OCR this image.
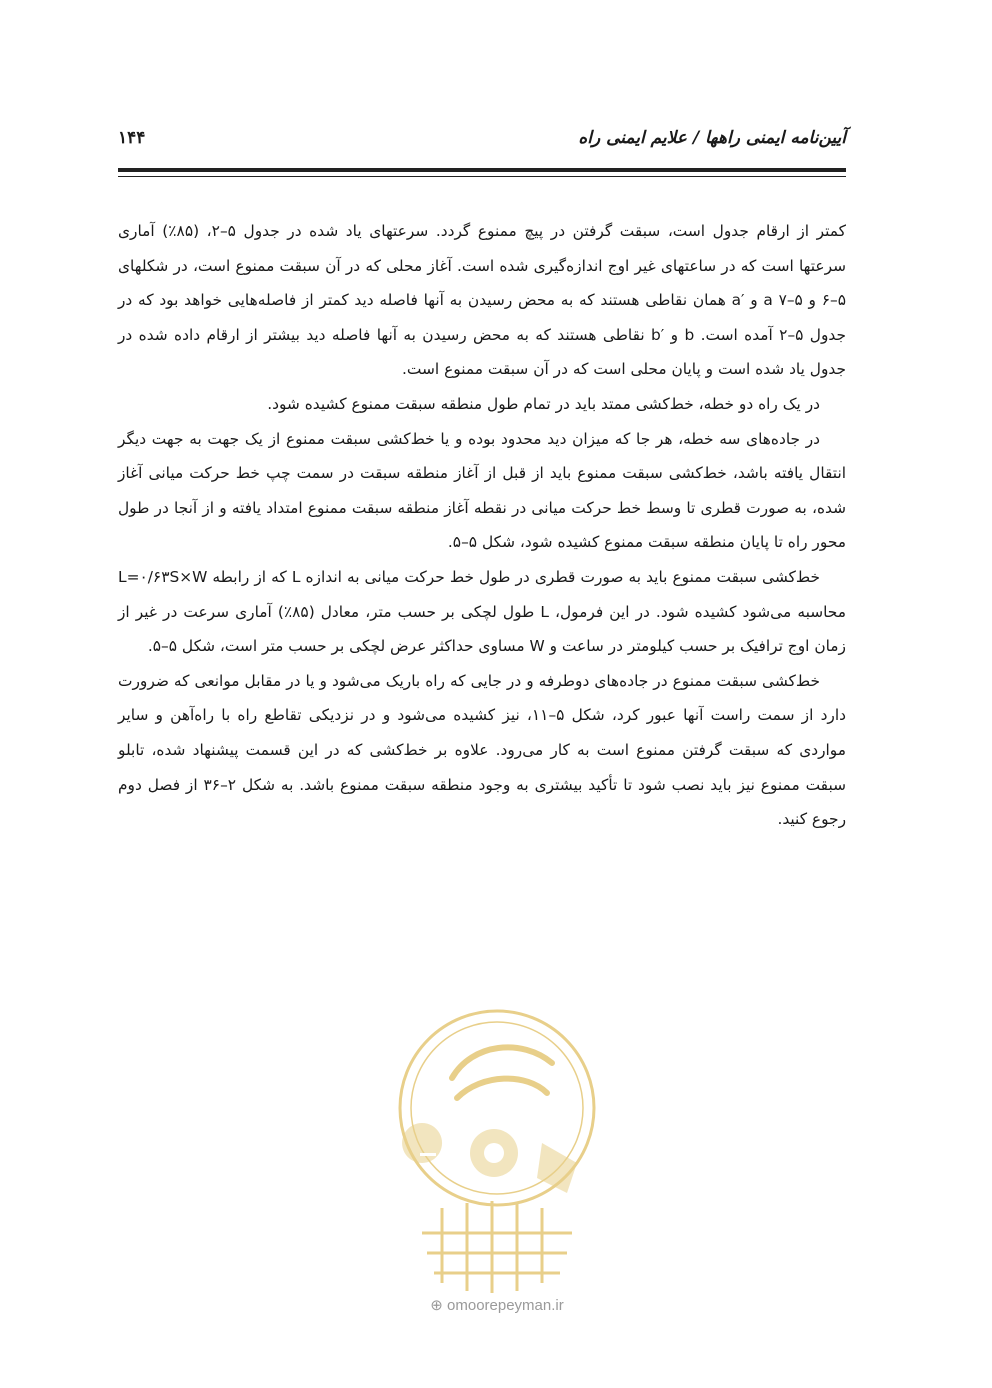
آیین‌نامه ایمنی راهها / علایم ایمنی راه
۱۴۴

کمتر از ارقام جدول است، سبقت گرفتن در پیچ ممنوع گردد. سرعتهای یاد شده در جدول ۵–۲، (۸۵٪) آماری سرعتها است که در ساعتهای غیر اوج اندازه‌گیری شده است. آغاز محلی که در آن سبقت ممنوع است، در شکلهای ۵–۶ و ۵–۷ a و ′a همان نقاطی هستند که به محض رسیدن به آنها فاصله دید کمتر از فاصله‌هایی خواهد بود که در جدول ۵–۲ آمده است. b و ′b نقاطی هستند که به محض رسیدن به آنها فاصله دید بیشتر از ارقام داده شده در جدول یاد شده است و پایان محلی است که در آن سبقت ممنوع است.

در یک راه دو خطه، خط‌کشی ممتد باید در تمام طول منطقه سبقت ممنوع کشیده شود.

در جاده‌های سه خطه، هر جا که میزان دید محدود بوده و یا خط‌کشی سبقت ممنوع از یک جهت به جهت دیگر انتقال یافته باشد، خط‌کشی سبقت ممنوع باید از قبل از آغاز منطقه سبقت در سمت چپ خط حرکت میانی آغاز شده، به صورت قطری تا وسط خط حرکت میانی در نقطه آغاز منطقه سبقت ممنوع امتداد یافته و از آنجا در طول محور راه تا پایان منطقه سبقت ممنوع کشیده شود، شکل ۵–۵.

خط‌کشی سبقت ممنوع باید به صورت قطری در طول خط حرکت میانی به اندازه L که از رابطه L=۰/۶۳S×W محاسبه می‌شود کشیده شود. در این فرمول، L طول لچکی بر حسب متر، معادل (۸۵٪) آماری سرعت در غیر از زمان اوج ترافیک بر حسب کیلومتر در ساعت و W مساوی حداکثر عرض لچکی بر حسب متر است، شکل ۵–۵.

خط‌کشی سبقت ممنوع در جاده‌های دوطرفه و در جایی که راه باریک می‌شود و یا در مقابل موانعی که ضرورت دارد از سمت راست آنها عبور کرد، شکل ۵–۱۱، نیز کشیده می‌شود و در نزدیکی تقاطع راه با راه‌آهن و سایر مواردی که سبقت گرفتن ممنوع است به کار می‌رود. علاوه بر خط‌کشی که در این قسمت پیشنهاد شده، تابلو سبقت ممنوع نیز باید نصب شود تا تأکید بیشتری به وجود منطقه سبقت ممنوع باشد. به شکل ۲–۳۶ از فصل دوم رجوع کنید.

⊕ omoorepeyman.ir
